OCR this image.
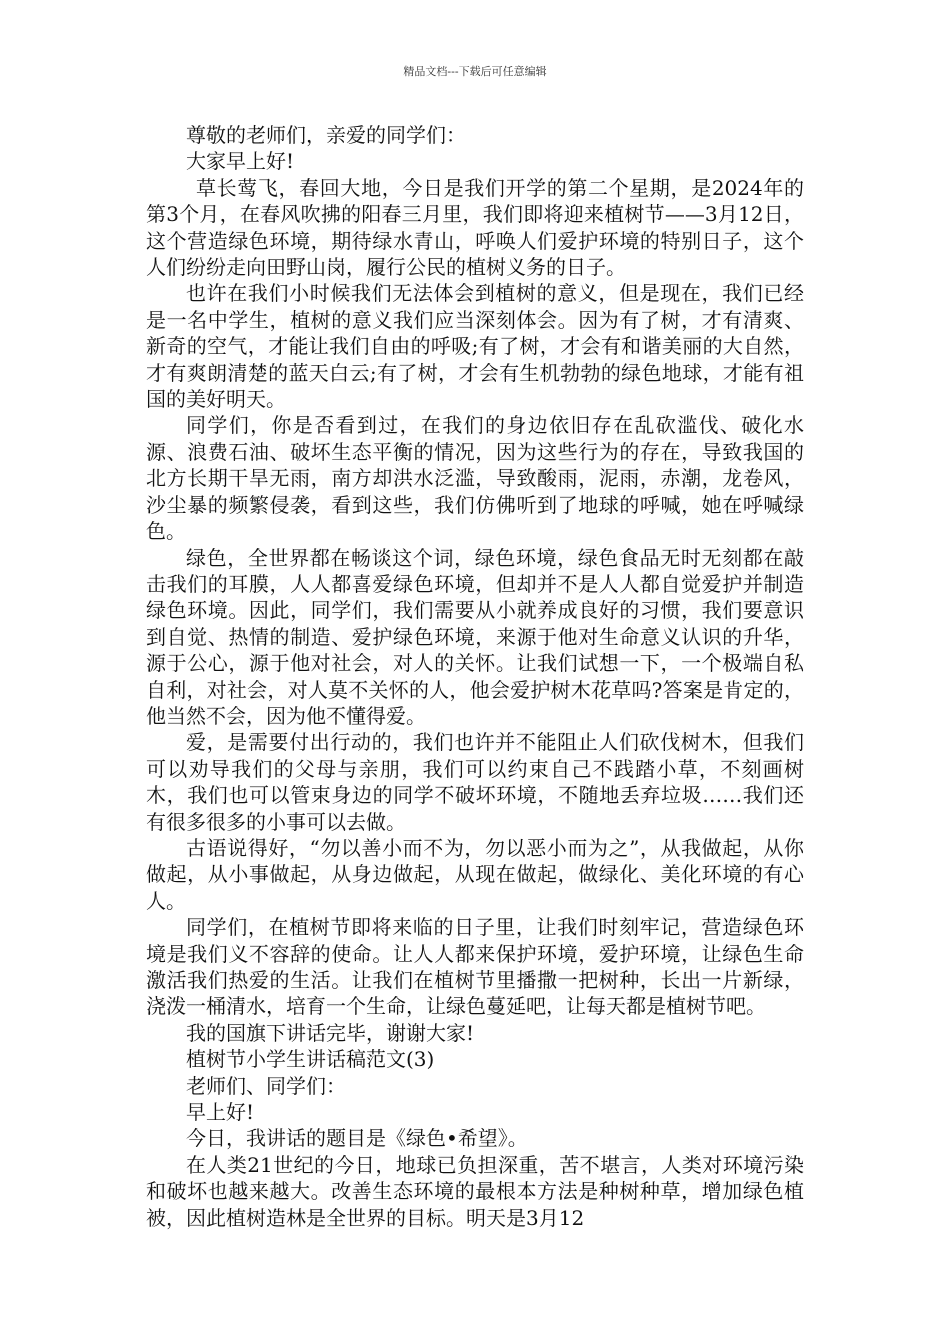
精品文档---下载后可任意编辑

尊敬的老师们，亲爱的同学们：

大家早上好!

草长莺飞，春回大地，今日是我们开学的第二个星期，是2024年的第3个月，在春风吹拂的阳春三月里，我们即将迎来植树节——3月12日，这个营造绿色环境，期待绿水青山，呼唤人们爱护环境的特别日子，这个人们纷纷走向田野山岗，履行公民的植树义务的日子。

也许在我们小时候我们无法体会到植树的意义，但是现在，我们已经是一名中学生，植树的意义我们应当深刻体会。因为有了树，才有清爽、新奇的空气，才能让我们自由的呼吸;有了树，才会有和谐美丽的大自然，才有爽朗清楚的蓝天白云;有了树，才会有生机勃勃的绿色地球，才能有祖国的美好明天。

同学们，你是否看到过，在我们的身边依旧存在乱砍滥伐、破化水源、浪费石油、破坏生态平衡的情况，因为这些行为的存在，导致我国的北方长期干旱无雨，南方却洪水泛滥，导致酸雨，泥雨，赤潮，龙卷风，沙尘暴的频繁侵袭，看到这些，我们仿佛听到了地球的呼喊，她在呼喊绿色。

绿色，全世界都在畅谈这个词，绿色环境，绿色食品无时无刻都在敲击我们的耳膜，人人都喜爱绿色环境，但却并不是人人都自觉爱护并制造绿色环境。因此，同学们，我们需要从小就养成良好的习惯，我们要意识到自觉、热情的制造、爱护绿色环境，来源于他对生命意义认识的升华，源于公心，源于他对社会，对人的关怀。让我们试想一下，一个极端自私自利，对社会，对人莫不关怀的人，他会爱护树木花草吗?答案是肯定的，他当然不会，因为他不懂得爱。

爱，是需要付出行动的，我们也许并不能阻止人们砍伐树木，但我们可以劝导我们的父母与亲朋，我们可以约束自己不践踏小草，不刻画树木，我们也可以管束身边的同学不破坏环境，不随地丢弃垃圾……我们还有很多很多的小事可以去做。

古语说得好，“勿以善小而不为，勿以恶小而为之”，从我做起，从你做起，从小事做起，从身边做起，从现在做起，做绿化、美化环境的有心人。

同学们，在植树节即将来临的日子里，让我们时刻牢记，营造绿色环境是我们义不容辞的使命。让人人都来保护环境，爱护环境，让绿色生命激活我们热爱的生活。让我们在植树节里播撒一把树种，长出一片新绿，浇泼一桶清水，培育一个生命，让绿色蔓延吧，让每天都是植树节吧。

我的国旗下讲话完毕，谢谢大家!

植树节小学生讲话稿范文(3)

老师们、同学们：

早上好!

今日，我讲话的题目是《绿色•希望》。

在人类21世纪的今日，地球已负担深重，苦不堪言，人类对环境污染和破坏也越来越大。改善生态环境的最根本方法是种树种草，增加绿色植被，因此植树造林是全世界的目标。明天是3月12
